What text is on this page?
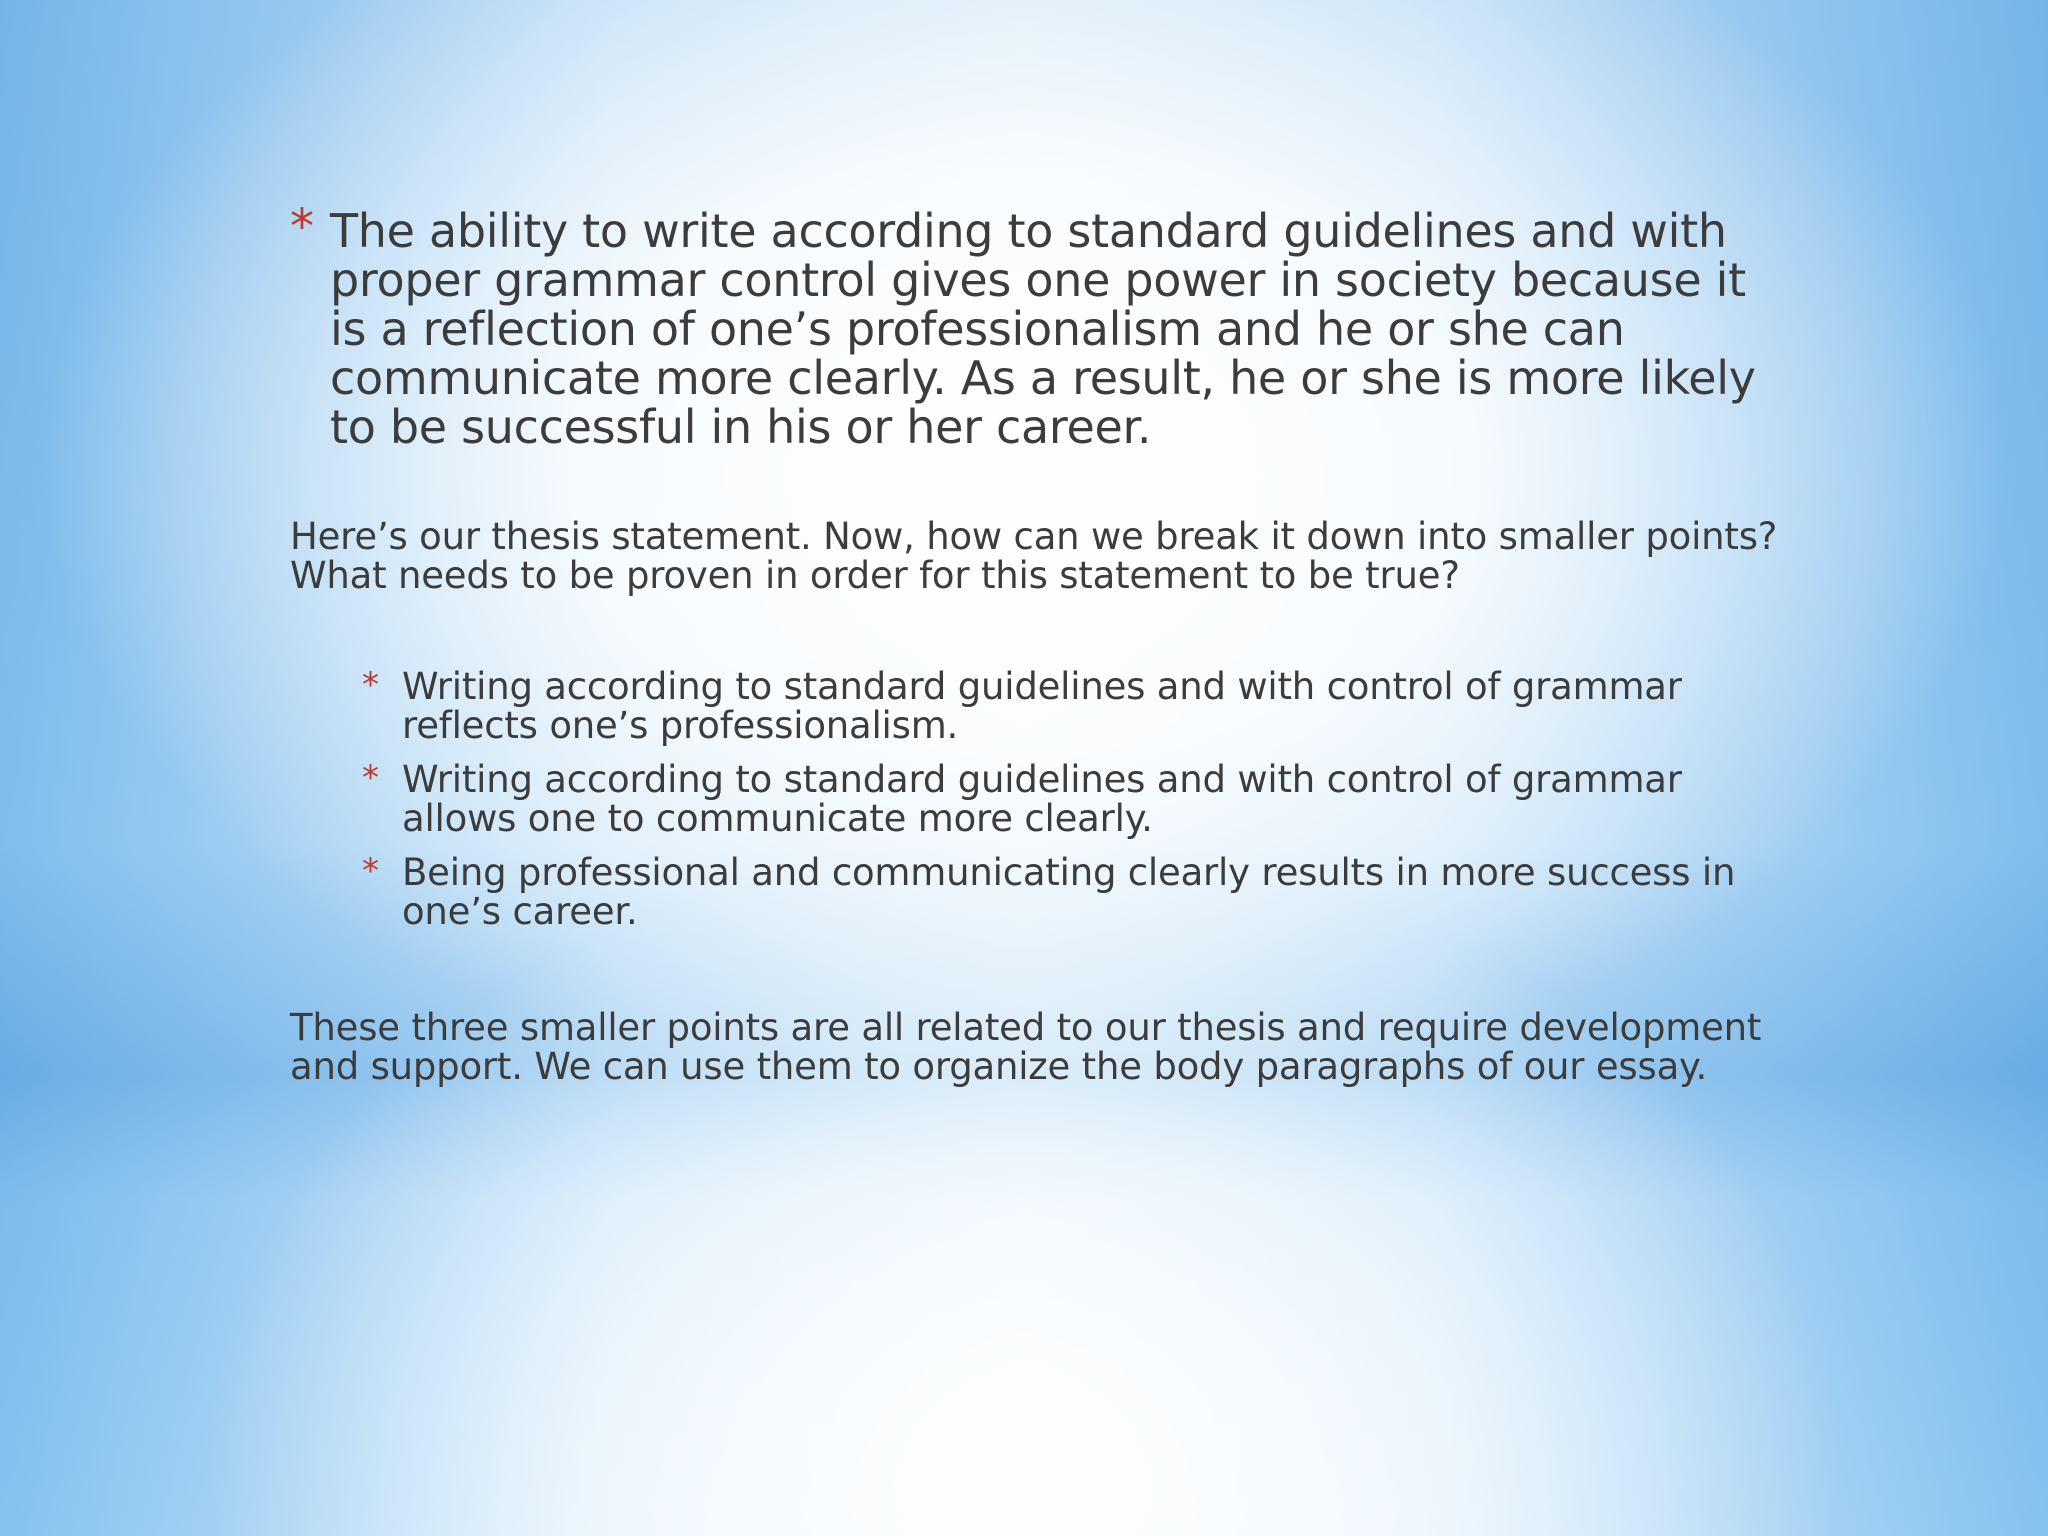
* The ability to write according to standard guidelines and with proper grammar control gives one power in society because it is a reflection of one’s professionalism and he or she can communicate more clearly. As a result, he or she is more likely to be successful in his or her career.
Here’s our thesis statement. Now, how can we break it down into smaller points? What needs to be proven in order for this statement to be true?
* Writing according to standard guidelines and with control of grammar reflects one’s professionalism.
* Writing according to standard guidelines and with control of grammar allows one to communicate more clearly.
* Being professional and communicating clearly results in more success in one’s career.
These three smaller points are all related to our thesis and require development and support. We can use them to organize the body paragraphs of our essay.
